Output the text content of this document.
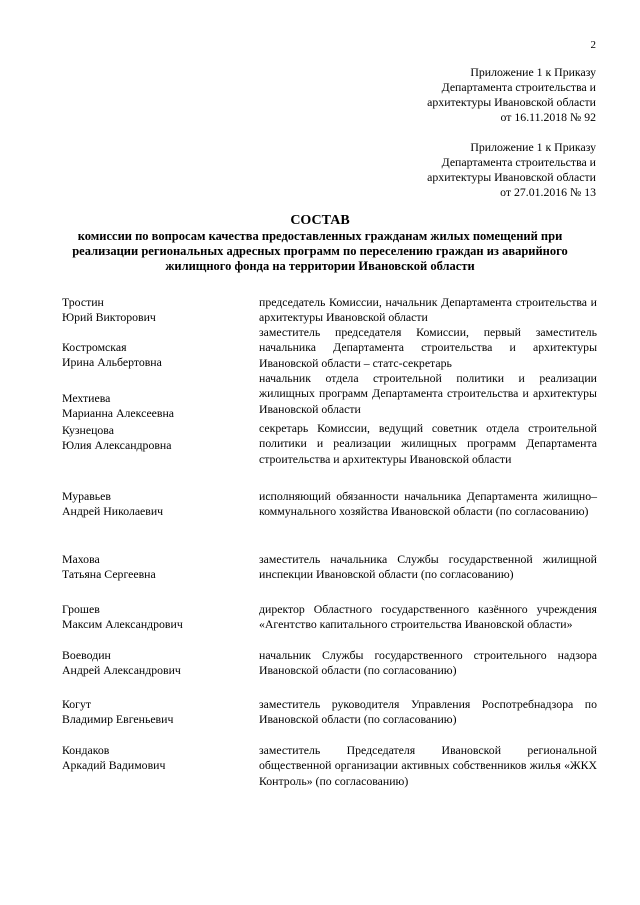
2
Приложение 1 к Приказу
Департамента строительства и
архитектуры Ивановской области
от 16.11.2018 № 92
Приложение 1 к Приказу
Департамента строительства и
архитектуры Ивановской области
от 27.01.2016 № 13
СОСТАВ
комиссии по вопросам качества предоставленных гражданам жилых помещений при реализации региональных адресных программ по переселению граждан из аварийного жилищного фонда на территории Ивановской области
Тростин
Юрий Викторович
председатель Комиссии, начальник Департамента строительства и архитектуры Ивановской области
Костромская
Ирина Альбертовна
заместитель председателя Комиссии, первый заместитель начальника Департамента строительства и архитектуры Ивановской области – статс-секретарь
Мехтиева
Марианна Алексеевна
начальник отдела строительной политики и реализации жилищных программ Департамента строительства и архитектуры Ивановской области
Кузнецова
Юлия Александровна
секретарь Комиссии, ведущий советник отдела строительной политики и реализации жилищных программ Департамента строительства и архитектуры Ивановской области
Муравьев
Андрей Николаевич
исполняющий обязанности начальника Департамента жилищно–коммунального хозяйства Ивановской области (по согласованию)
Махова
Татьяна Сергеевна
заместитель начальника Службы государственной жилищной инспекции Ивановской области (по согласованию)
Грошев
Максим Александрович
директор Областного государственного казённого учреждения «Агентство капитального строительства Ивановской области»
Воеводин
Андрей Александрович
начальник Службы государственного строительного надзора Ивановской области (по согласованию)
Когут
Владимир Евгеньевич
заместитель руководителя Управления Роспотребнадзора по Ивановской области (по согласованию)
Кондаков
Аркадий Вадимович
заместитель Председателя Ивановской региональной общественной организации активных собственников жилья «ЖКХ Контроль» (по согласованию)
